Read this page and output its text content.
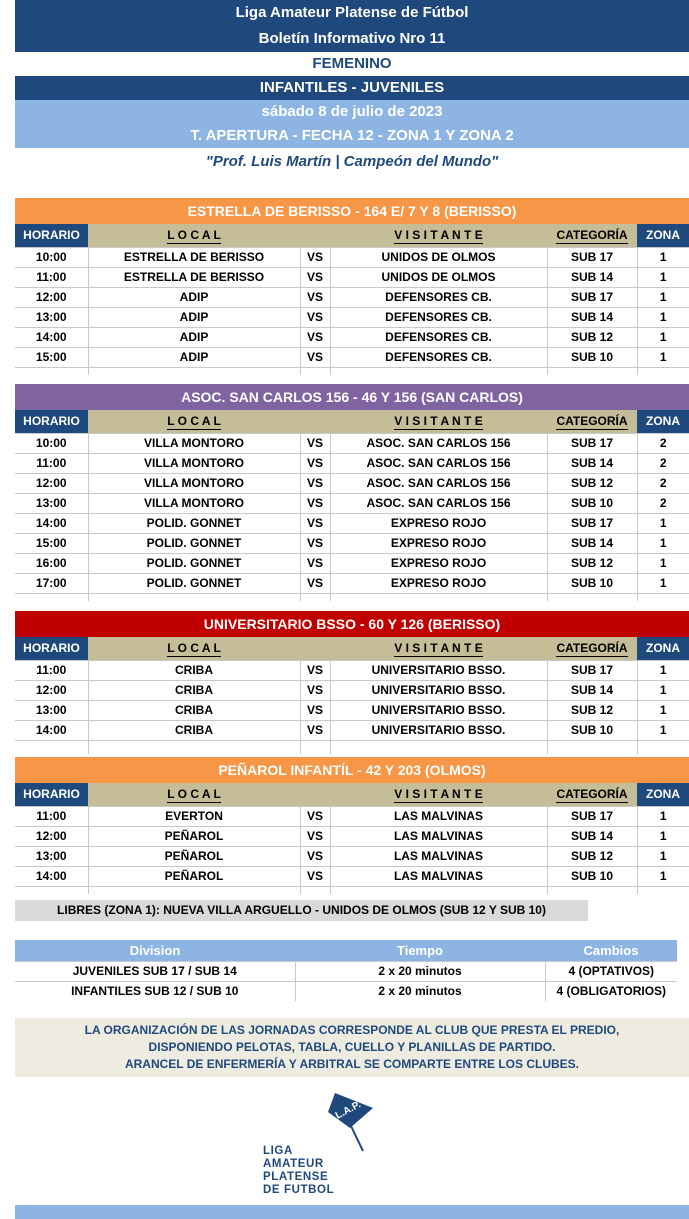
Liga Amateur Platense de Fútbol
Boletín Informativo Nro 11
FEMENINO
INFANTILES - JUVENILES
sábado 8 de julio de 2023
T. APERTURA - FECHA 12 - ZONA 1 Y ZONA 2
"Prof. Luis Martín | Campeón del Mundo"
ESTRELLA DE BERISSO - 164 E/ 7 Y 8 (BERISSO)
HORARIO	L O C A L		V I S I T A N T E	CATEGORÍA	ZONA
10:00	ESTRELLA DE BERISSO	VS	UNIDOS DE OLMOS	SUB 17	1
11:00	ESTRELLA DE BERISSO	VS	UNIDOS DE OLMOS	SUB 14	1
12:00	ADIP	VS	DEFENSORES CB.	SUB 17	1
13:00	ADIP	VS	DEFENSORES CB.	SUB 14	1
14:00	ADIP	VS	DEFENSORES CB.	SUB 12	1
15:00	ADIP	VS	DEFENSORES CB.	SUB 10	1

ASOC. SAN CARLOS 156 - 46 Y 156 (SAN CARLOS)
HORARIO	L O C A L		V I S I T A N T E	CATEGORÍA	ZONA
10:00	VILLA MONTORO	VS	ASOC. SAN CARLOS 156	SUB 17	2
11:00	VILLA MONTORO	VS	ASOC. SAN CARLOS 156	SUB 14	2
12:00	VILLA MONTORO	VS	ASOC. SAN CARLOS 156	SUB 12	2
13:00	VILLA MONTORO	VS	ASOC. SAN CARLOS 156	SUB 10	2
14:00	POLID. GONNET	VS	EXPRESO ROJO	SUB 17	1
15:00	POLID. GONNET	VS	EXPRESO ROJO	SUB 14	1
16:00	POLID. GONNET	VS	EXPRESO ROJO	SUB 12	1
17:00	POLID. GONNET	VS	EXPRESO ROJO	SUB 10	1

UNIVERSITARIO BSSO - 60 Y 126 (BERISSO)
HORARIO	L O C A L		V I S I T A N T E	CATEGORÍA	ZONA
11:00	CRIBA	VS	UNIVERSITARIO BSSO.	SUB 17	1
12:00	CRIBA	VS	UNIVERSITARIO BSSO.	SUB 14	1
13:00	CRIBA	VS	UNIVERSITARIO BSSO.	SUB 12	1
14:00	CRIBA	VS	UNIVERSITARIO BSSO.	SUB 10	1

PEÑAROL INFANTÍL - 42 Y 203 (OLMOS)
HORARIO	L O C A L		V I S I T A N T E	CATEGORÍA	ZONA
11:00	EVERTON	VS	LAS MALVINAS	SUB 17	1
12:00	PEÑAROL	VS	LAS MALVINAS	SUB 14	1
13:00	PEÑAROL	VS	LAS MALVINAS	SUB 12	1
14:00	PEÑAROL	VS	LAS MALVINAS	SUB 10	1

LIBRES (ZONA 1): NUEVA VILLA ARGUELLO - UNIDOS DE OLMOS (SUB 12 Y SUB 10)
Division	Tiempo	Cambios
JUVENILES SUB 17 / SUB 14	2 x 20 minutos	4 (OPTATIVOS)
INFANTILES SUB 12 / SUB 10	2 x 20 minutos	4 (OBLIGATORIOS)
LA ORGANIZACIÓN DE LAS JORNADAS CORRESPONDE AL CLUB QUE PRESTA EL PREDIO,
DISPONIENDO PELOTAS, TABLA, CUELLO Y PLANILLAS DE PARTIDO.
ARANCEL DE ENFERMERÍA Y ARBITRAL SE COMPARTE ENTRE LOS CLUBES.
L.A.P.
LIGA
AMATEUR
PLATENSE
DE FUTBOL
